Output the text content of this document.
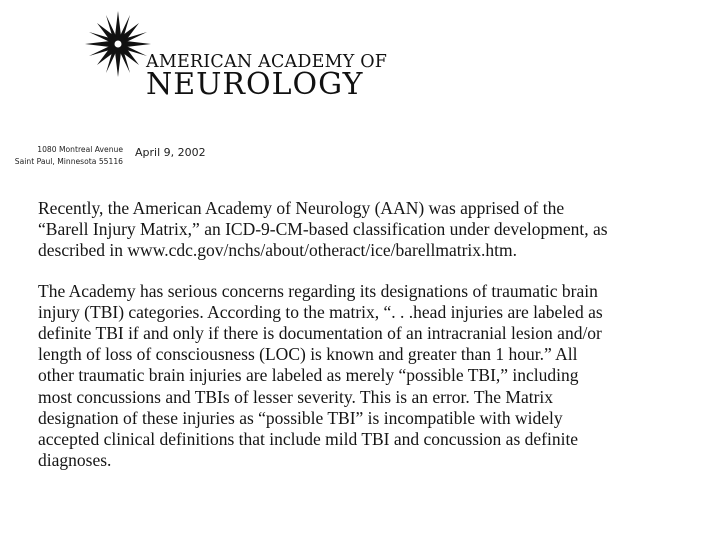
AMERICAN ACADEMY OF
NEUROLOGY
1080 Montreal Avenue
Saint Paul, Minnesota 55116
April 9, 2002

Recently, the American Academy of Neurology (AAN) was apprised of the
“Barell Injury Matrix,” an ICD-9-CM-based classification under development, as
described in www.cdc.gov/nchs/about/otheract/ice/barellmatrix.htm.

The Academy has serious concerns regarding its designations of traumatic brain
injury (TBI) categories. According to the matrix, “. . .head injuries are labeled as
definite TBI if and only if there is documentation of an intracranial lesion and/or
length of loss of consciousness (LOC) is known and greater than 1 hour.” All
other traumatic brain injuries are labeled as merely “possible TBI,” including
most concussions and TBIs of lesser severity. This is an error. The Matrix
designation of these injuries as “possible TBI” is incompatible with widely
accepted clinical definitions that include mild TBI and concussion as definite
diagnoses.
